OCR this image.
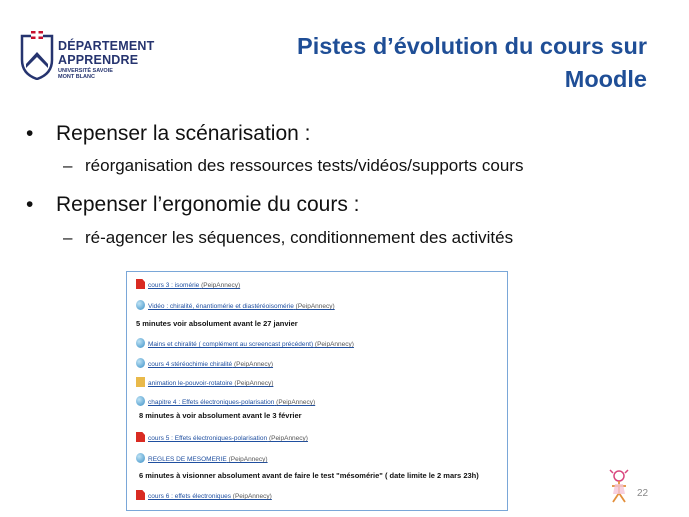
DÉPARTEMENT
APPRENDRE
UNIVERSITÉ SAVOIE MONT BLANC
Pistes d’évolution du cours sur Moodle
• Repenser la scénarisation :
– réorganisation des ressources tests/vidéos/supports cours
• Repenser l’ergonomie du cours :
– ré-agencer les séquences, conditionnement des activités
cours 3 : isomérie (PeipAnnecy)
Vidéo : chiralité, énantiomérie et diastéréoisomérie (PeipAnnecy)
5 minutes voir absolument avant le 27 janvier
Mains et chiralité ( complément au screencast précédent) (PeipAnnecy)
cours 4 stéréochimie chiralité (PeipAnnecy)
animation le-pouvoir-rotatoire (PeipAnnecy)
chapitre 4 : Effets électroniques-polarisation (PeipAnnecy)
8 minutes à voir absolument avant le 3 février
cours 5 : Effets électroniques-polarisation (PeipAnnecy)
REGLES DE MESOMERIE (PeipAnnecy)
6 minutes à visionner absolument avant de faire le test "mésomérie" ( date limite le 2 mars 23h)
cours 6 : effets électroniques (PeipAnnecy)	22
